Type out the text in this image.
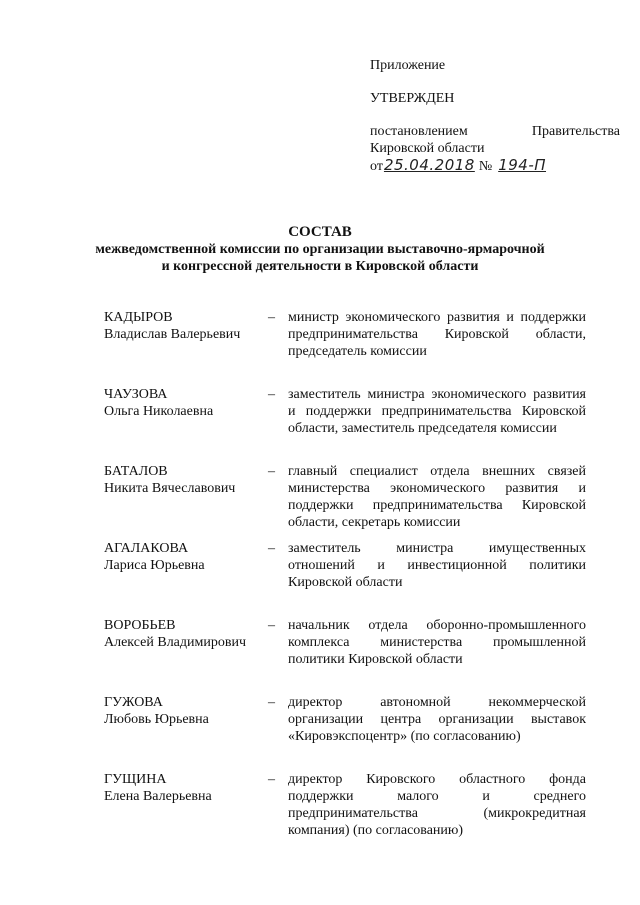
Приложение
УТВЕРЖДЕН
постановлением	Правительства
Кировской области
от 25.04.2018 № 194-П
СОСТАВ
межведомственной комиссии по организации выставочно-ярмарочной
и конгрессной деятельности в Кировской области
КАДЫРОВ
Владислав Валерьевич
– министр экономического развития и поддержки предпринимательства Кировской области, председатель комиссии
ЧАУЗОВА
Ольга Николаевна
– заместитель министра экономического развития и поддержки предпринимательства Кировской области, заместитель председателя комиссии
БАТАЛОВ
Никита Вячеславович
– главный специалист отдела внешних связей министерства экономического развития и поддержки предпринимательства Кировской области, секретарь комиссии
АГАЛАКОВА
Лариса Юрьевна
– заместитель министра имущественных отношений и инвестиционной политики Кировской области
ВОРОБЬЕВ
Алексей Владимирович
– начальник отдела оборонно-промышленного комплекса министерства промышленной политики Кировской области
ГУЖОВА
Любовь Юрьевна
– директор автономной некоммерческой организации центра организации выставок «Кировэкспоцентр» (по согласованию)
ГУЩИНА
Елена Валерьевна
– директор Кировского областного фонда поддержки малого и среднего предпринимательства (микрокредитная компания) (по согласованию)
